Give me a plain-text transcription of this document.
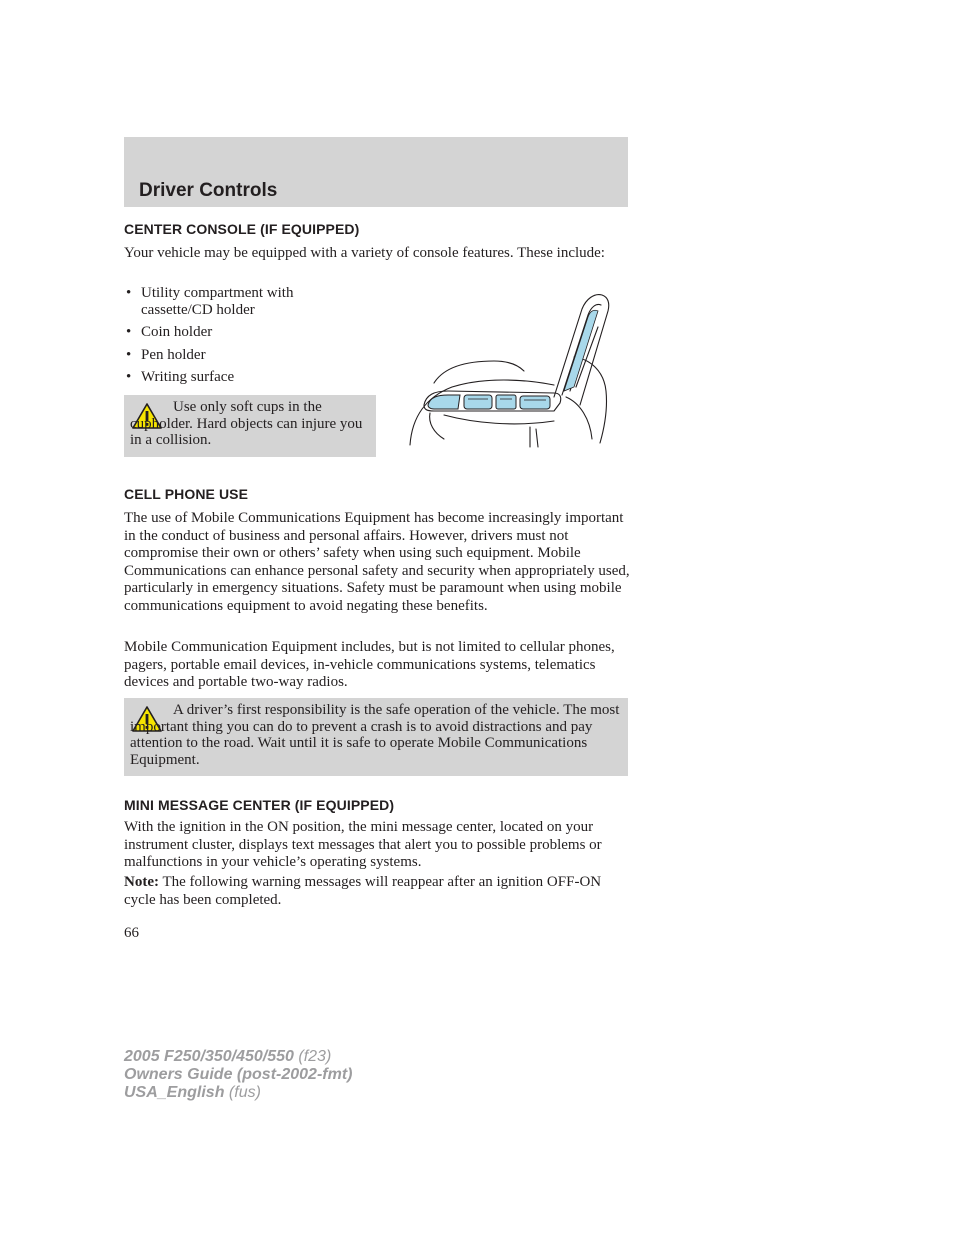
Driver Controls
CENTER CONSOLE (IF EQUIPPED)

Your vehicle may be equipped with a variety of console features. These include:

• Utility compartment with cassette/CD holder
• Coin holder
• Pen holder
• Writing surface

Use only soft cups in the cupholder. Hard objects can injure you in a collision.

CELL PHONE USE

The use of Mobile Communications Equipment has become increasingly important in the conduct of business and personal affairs. However, drivers must not compromise their own or others’ safety when using such equipment. Mobile Communications can enhance personal safety and security when appropriately used, particularly in emergency situations. Safety must be paramount when using mobile communications equipment to avoid negating these benefits.

Mobile Communication Equipment includes, but is not limited to cellular phones, pagers, portable email devices, in-vehicle communications systems, telematics devices and portable two-way radios.

A driver’s first responsibility is the safe operation of the vehicle. The most important thing you can do to prevent a crash is to avoid distractions and pay attention to the road. Wait until it is safe to operate Mobile Communications Equipment.

MINI MESSAGE CENTER (IF EQUIPPED)

With the ignition in the ON position, the mini message center, located on your instrument cluster, displays text messages that alert you to possible problems or malfunctions in your vehicle’s operating systems.

Note: The following warning messages will reappear after an ignition OFF-ON cycle has been completed.

66
2005 F250/350/450/550 (f23)
Owners Guide (post-2002-fmt)
USA_English (fus)
